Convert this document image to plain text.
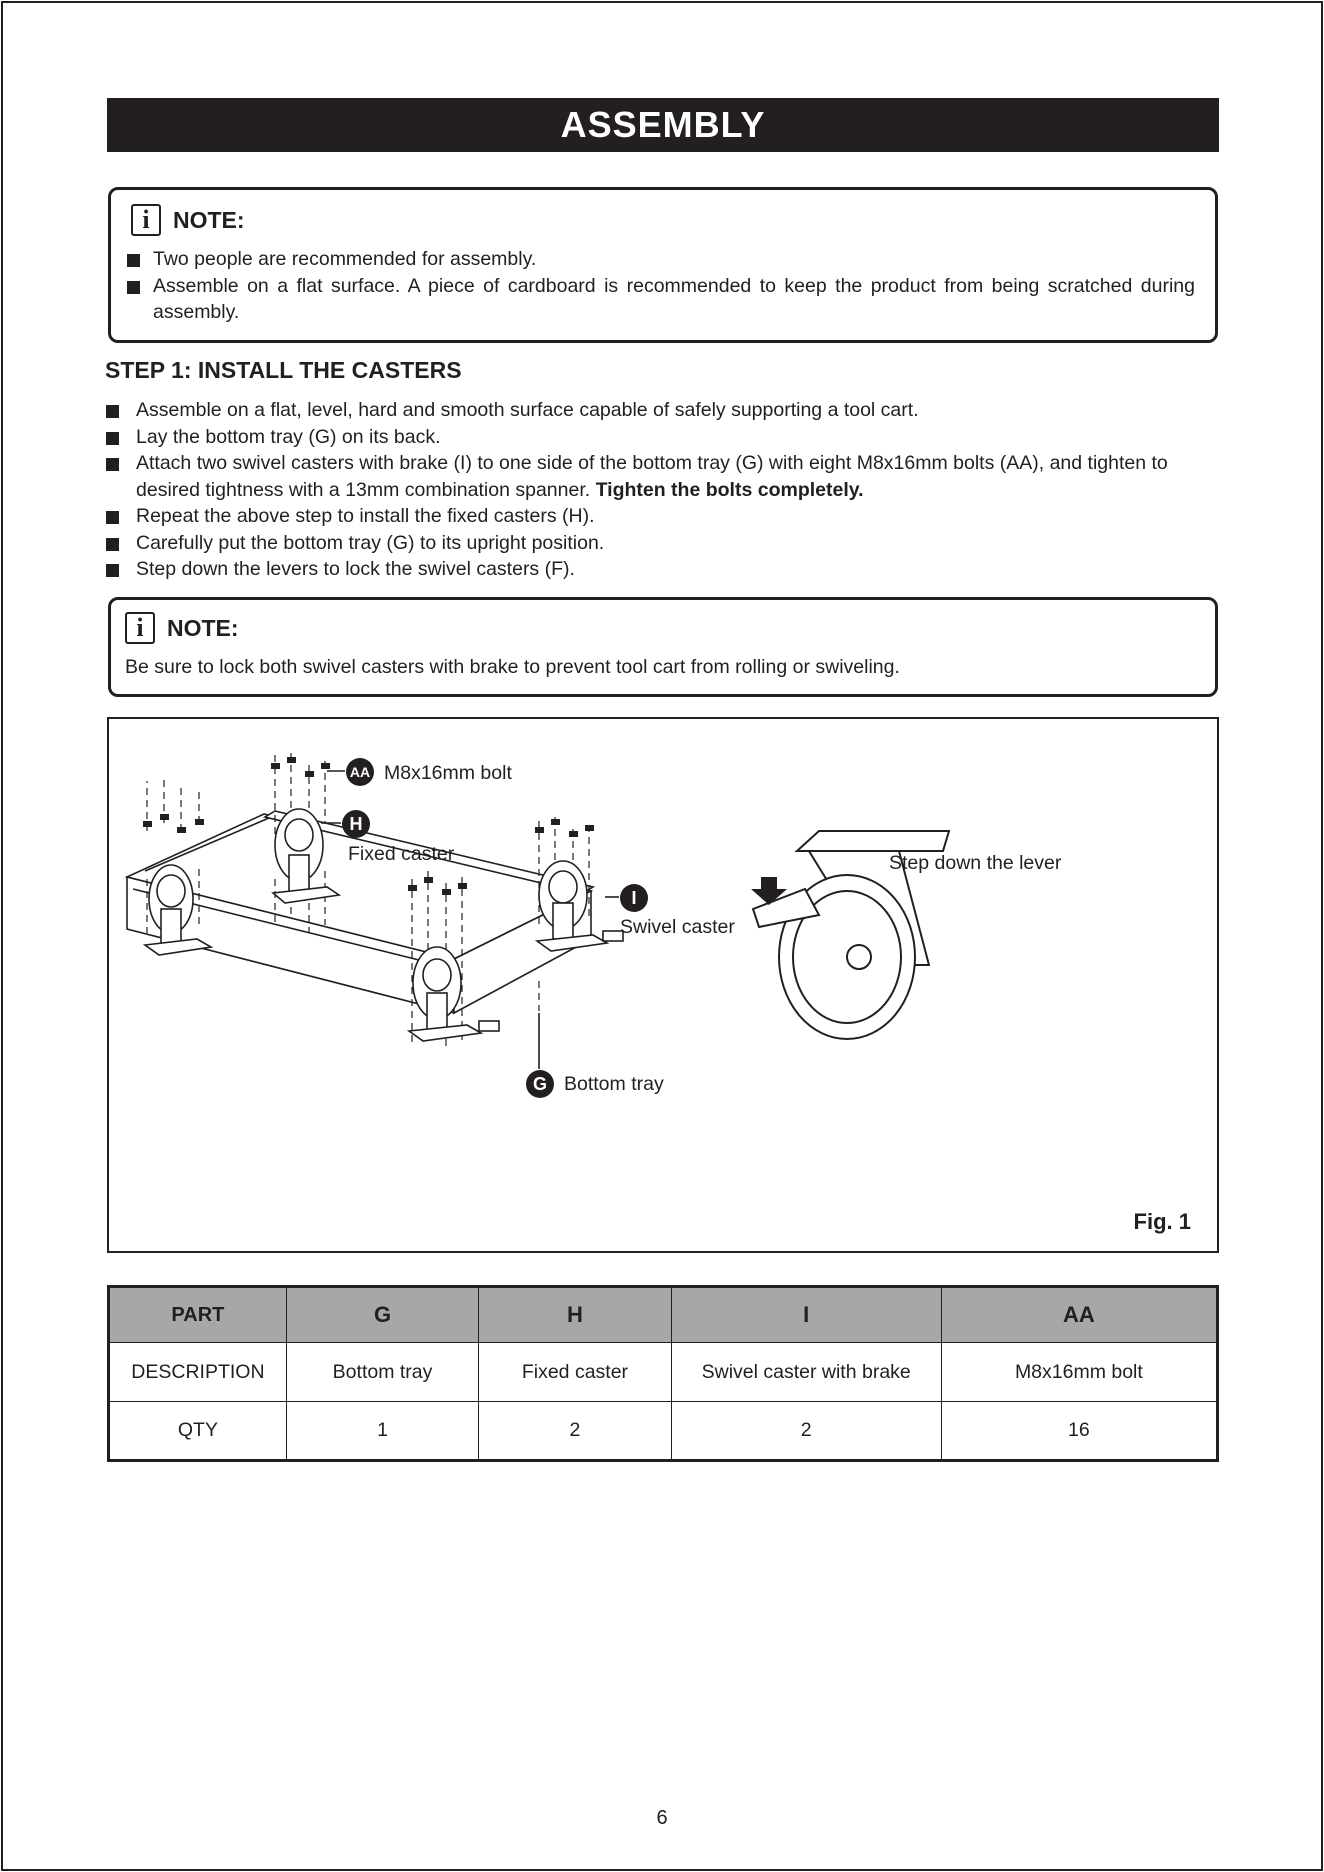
ASSEMBLY
i	NOTE:
Two people are recommended for assembly.
Assemble on a flat surface. A piece of cardboard is recommended to keep the product from being scratched during assembly.
STEP 1: INSTALL THE CASTERS
Assemble on a flat, level, hard and smooth surface capable of safely supporting a tool cart.
Lay the bottom tray (G) on its back.
Attach two swivel casters with brake (I) to one side of the bottom tray (G) with eight M8x16mm bolts (AA), and tighten to desired tightness with a 13mm combination spanner. Tighten the bolts completely.
Repeat the above step to install the fixed casters (H).
Carefully put the bottom tray (G) to its upright position.
Step down the levers to lock the swivel casters (F).
i	NOTE:
Be sure to lock both swivel casters with brake to prevent tool cart from rolling or swiveling.
AA M8x16mm bolt
H
Fixed caster
I
Swivel caster
G Bottom tray
Step down the lever
Fig. 1
PART	G	H	I	AA
DESCRIPTION	Bottom tray	Fixed caster	Swivel caster with brake	M8x16mm bolt
QTY	1	2	2	16
6
